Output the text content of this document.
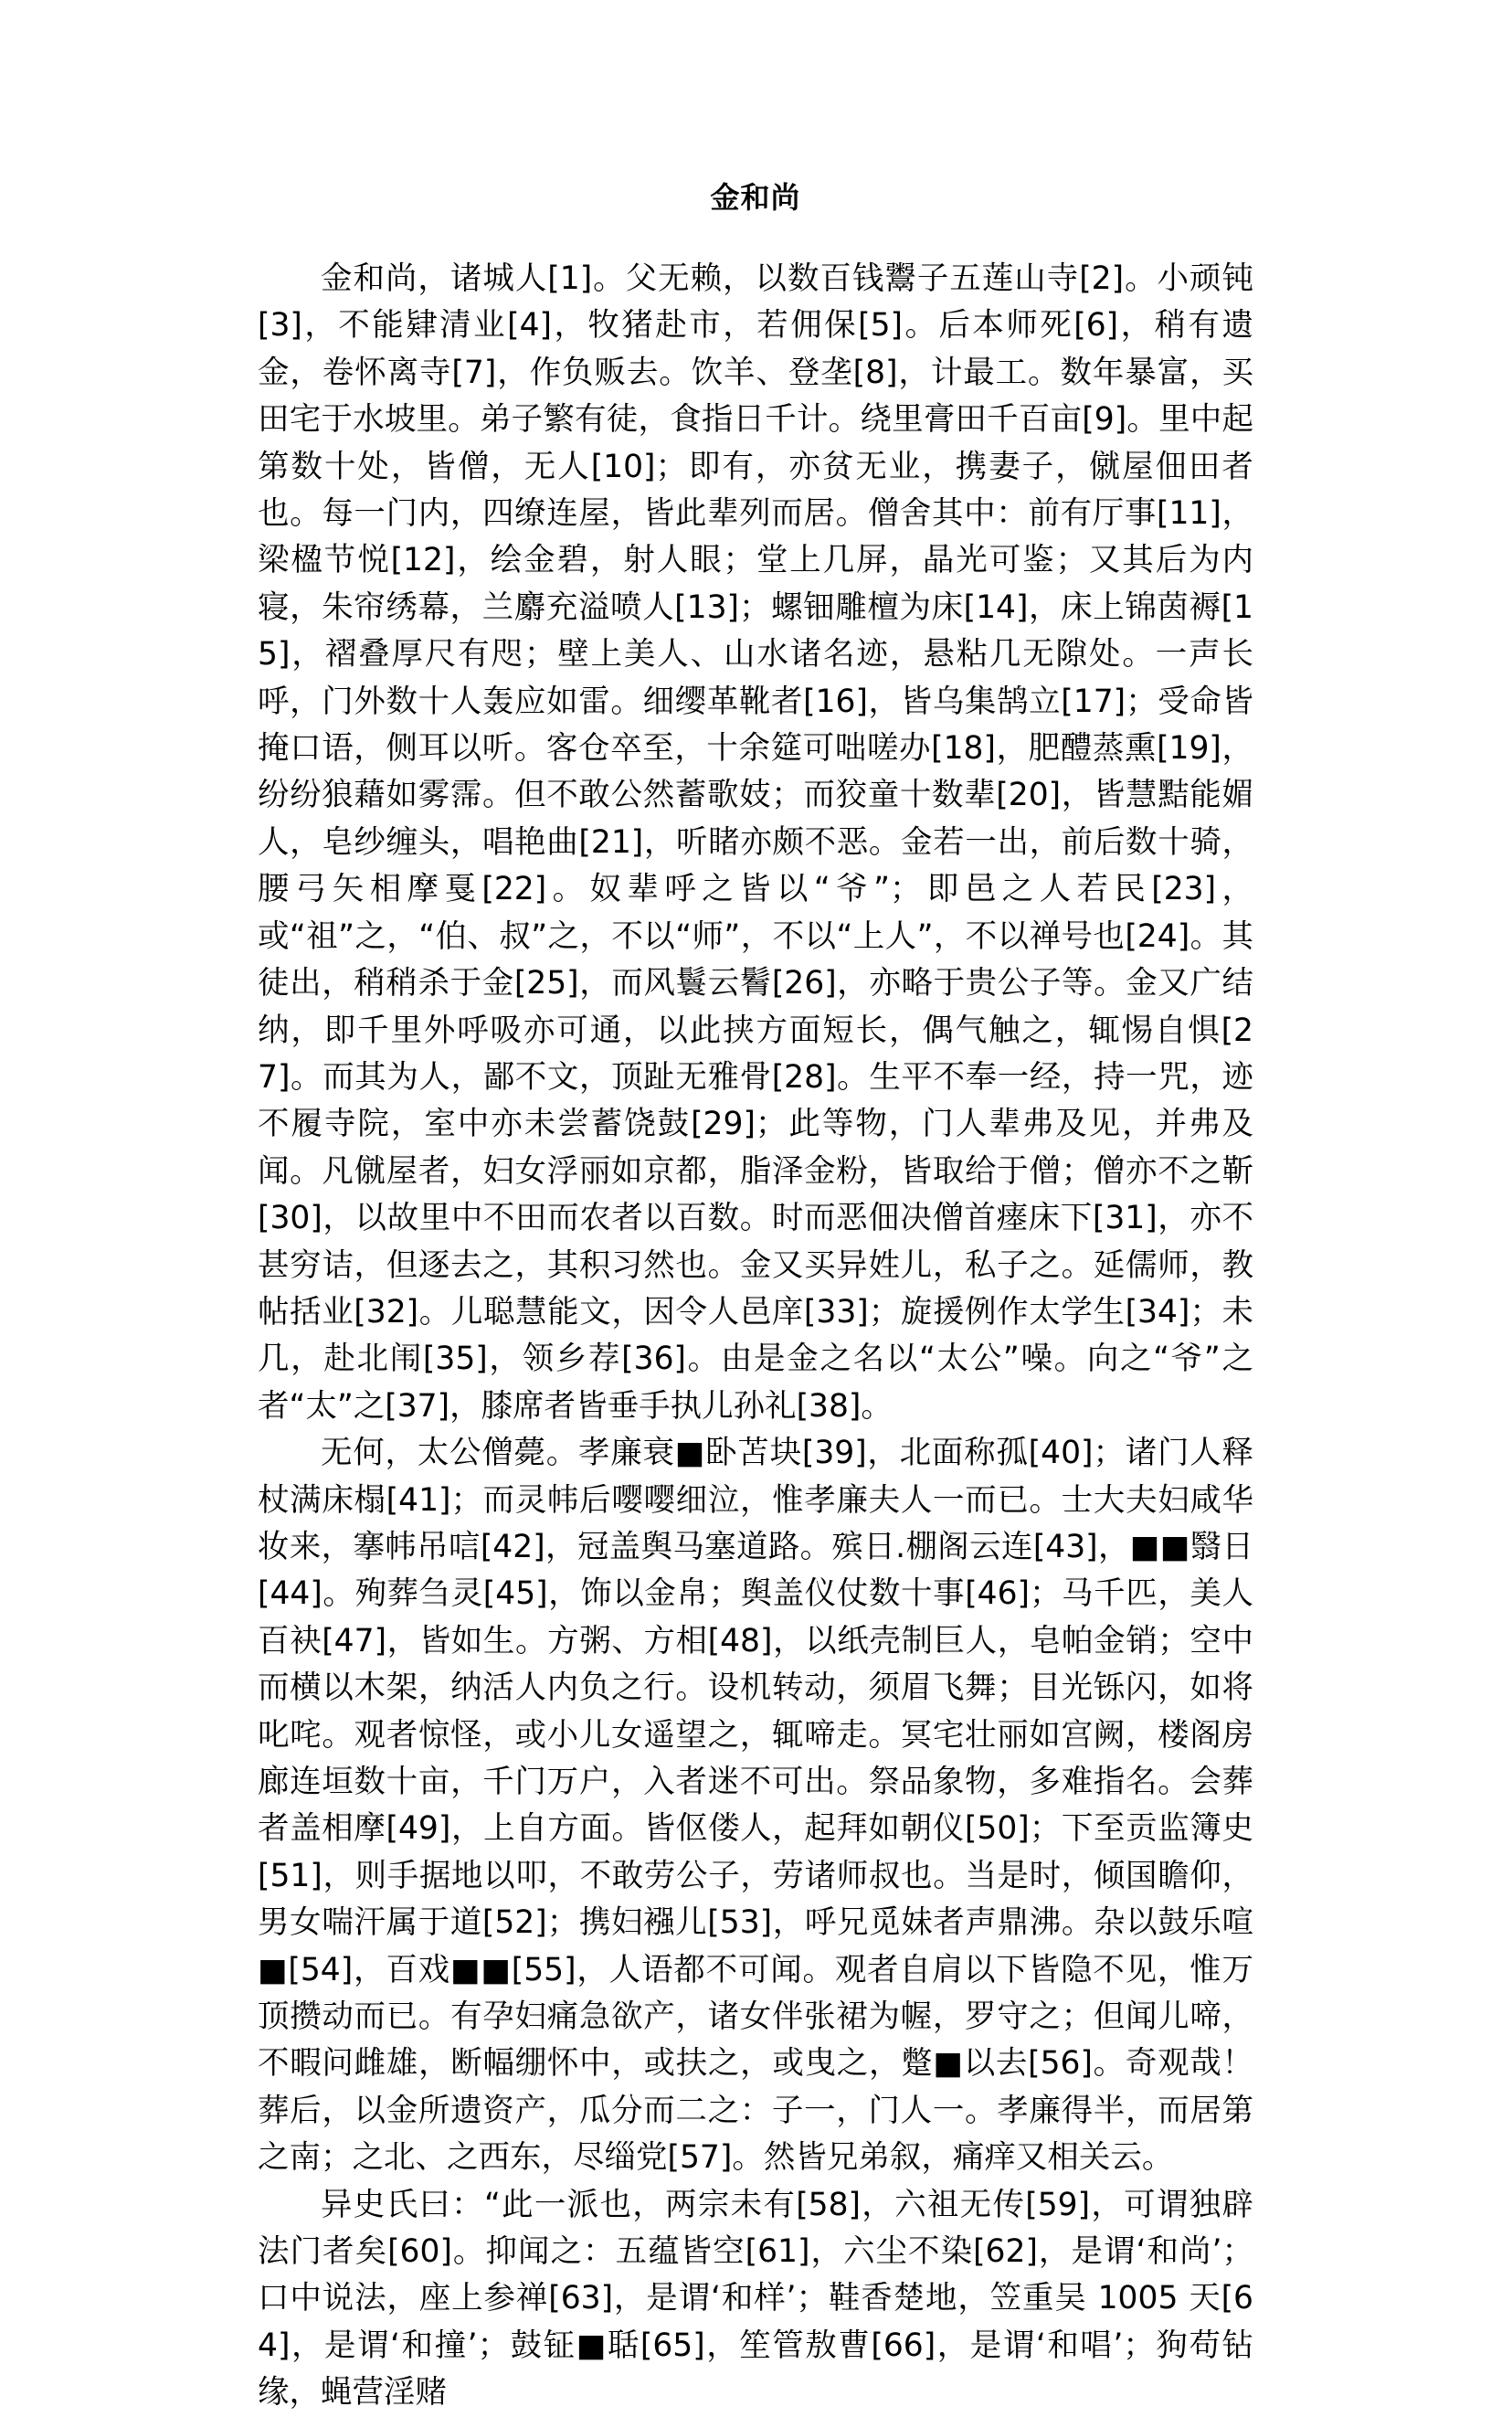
金和尚

金和尚，诸城人[1]。父无赖，以数百钱鬻子五莲山寺[2]。小顽钝[3]，不能肄清业[4]，牧猪赴市，若佣保[5]。后本师死[6]，稍有遗金，卷怀离寺[7]，作负贩去。饮羊、登垄[8]，计最工。数年暴富，买田宅于水坡里。弟子繁有徒，食指日千计。绕里膏田千百亩[9]。里中起第数十处，皆僧，无人[10]；即有，亦贫无业，携妻子，僦屋佃田者也。每一门内，四缭连屋，皆此辈列而居。僧舍其中：前有厅事[11]，梁楹节悦[12]，绘金碧，射人眼；堂上几屏，晶光可鉴；又其后为内寝，朱帘绣幕，兰麝充溢喷人[13]；螺钿雕檀为床[14]，床上锦茵褥[15]，褶叠厚尺有咫；壁上美人、山水诸名迹，悬粘几无隙处。一声长呼，门外数十人轰应如雷。细缨革靴者[16]，皆乌集鹄立[17]；受命皆掩口语，侧耳以听。客仓卒至，十余筵可咄嗟办[18]，肥醴蒸熏[19]，纷纷狼藉如雾霈。但不敢公然蓄歌妓；而狡童十数辈[20]，皆慧黠能媚人，皂纱缠头，唱艳曲[21]，听睹亦颇不恶。金若一出，前后数十骑，腰弓矢相摩戛[22]。奴辈呼之皆以“爷”；即邑之人若民[23]，或“祖”之，“伯、叔”之，不以“师”，不以“上人”，不以禅号也[24]。其徒出，稍稍杀于金[25]，而风鬟云鬌[26]，亦略于贵公子等。金又广结纳，即千里外呼吸亦可通，以此挟方面短长，偶气触之，辄惕自惧[27]。而其为人，鄙不文，顶趾无雅骨[28]。生平不奉一经，持一咒，迹不履寺院，室中亦未尝蓄饶鼓[29]；此等物，门人辈弗及见，并弗及闻。凡僦屋者，妇女浮丽如京都，脂泽金粉，皆取给于僧；僧亦不之靳[30]，以故里中不田而农者以百数。时而恶佃决僧首瘗床下[31]，亦不甚穷诘，但逐去之，其积习然也。金又买异姓儿，私子之。延儒师，教帖括业[32]。儿聪慧能文，因令人邑庠[33]；旋援例作太学生[34]；未几，赴北闱[35]，领乡荐[36]。由是金之名以“太公”噪。向之“爷”之者“太”之[37]，膝席者皆垂手执儿孙礼[38]。

无何，太公僧薨。孝廉衰■卧苫块[39]，北面称孤[40]；诸门人释杖满床榻[41]；而灵帏后嘤嘤细泣，惟孝廉夫人一而已。士大夫妇咸华妆来，搴帏吊唁[42]，冠盖舆马塞道路。殡日.棚阁云连[43]，■■翳日[44]。殉葬刍灵[45]，饰以金帛；舆盖仪仗数十事[46]；马千匹，美人百袂[47]，皆如生。方粥、方相[48]，以纸壳制巨人，皂帕金销；空中而横以木架，纳活人内负之行。设机转动，须眉飞舞；目光铄闪，如将叱咤。观者惊怪，或小儿女遥望之，辄啼走。冥宅壮丽如宫阙，楼阁房廊连垣数十亩，千门万户，入者迷不可出。祭品象物，多难指名。会葬者盖相摩[49]，上自方面。皆伛偻人，起拜如朝仪[50]；下至贡监簿史[51]，则手据地以叩，不敢劳公子，劳诸师叔也。当是时，倾国瞻仰，男女喘汗属于道[52]；携妇襁儿[53]，呼兄觅妹者声鼎沸。杂以鼓乐喧■[54]，百戏■■[55]，人语都不可闻。观者自肩以下皆隐不见，惟万顶攒动而已。有孕妇痛急欲产，诸女伴张裙为幄，罗守之；但闻儿啼，不暇问雌雄，断幅绷怀中，或扶之，或曳之，蹩■以去[56]。奇观哉！葬后，以金所遗资产，瓜分而二之：子一，门人一。孝廉得半，而居第之南；之北、之西东，尽缁党[57]。然皆兄弟叙，痛痒又相关云。

异史氏曰：“此一派也，两宗未有[58]，六祖无传[59]，可谓独辟法门者矣[60]。抑闻之：五蕴皆空[61]，六尘不染[62]，是谓‘和尚’；口中说法，座上参禅[63]，是谓‘和样’；鞋香楚地，笠重吴 1005 天[64]，是谓‘和撞’；鼓钲■聒[65]，笙管敖曹[66]，是谓‘和唱’；狗苟钻缘，蝇营淫赌
